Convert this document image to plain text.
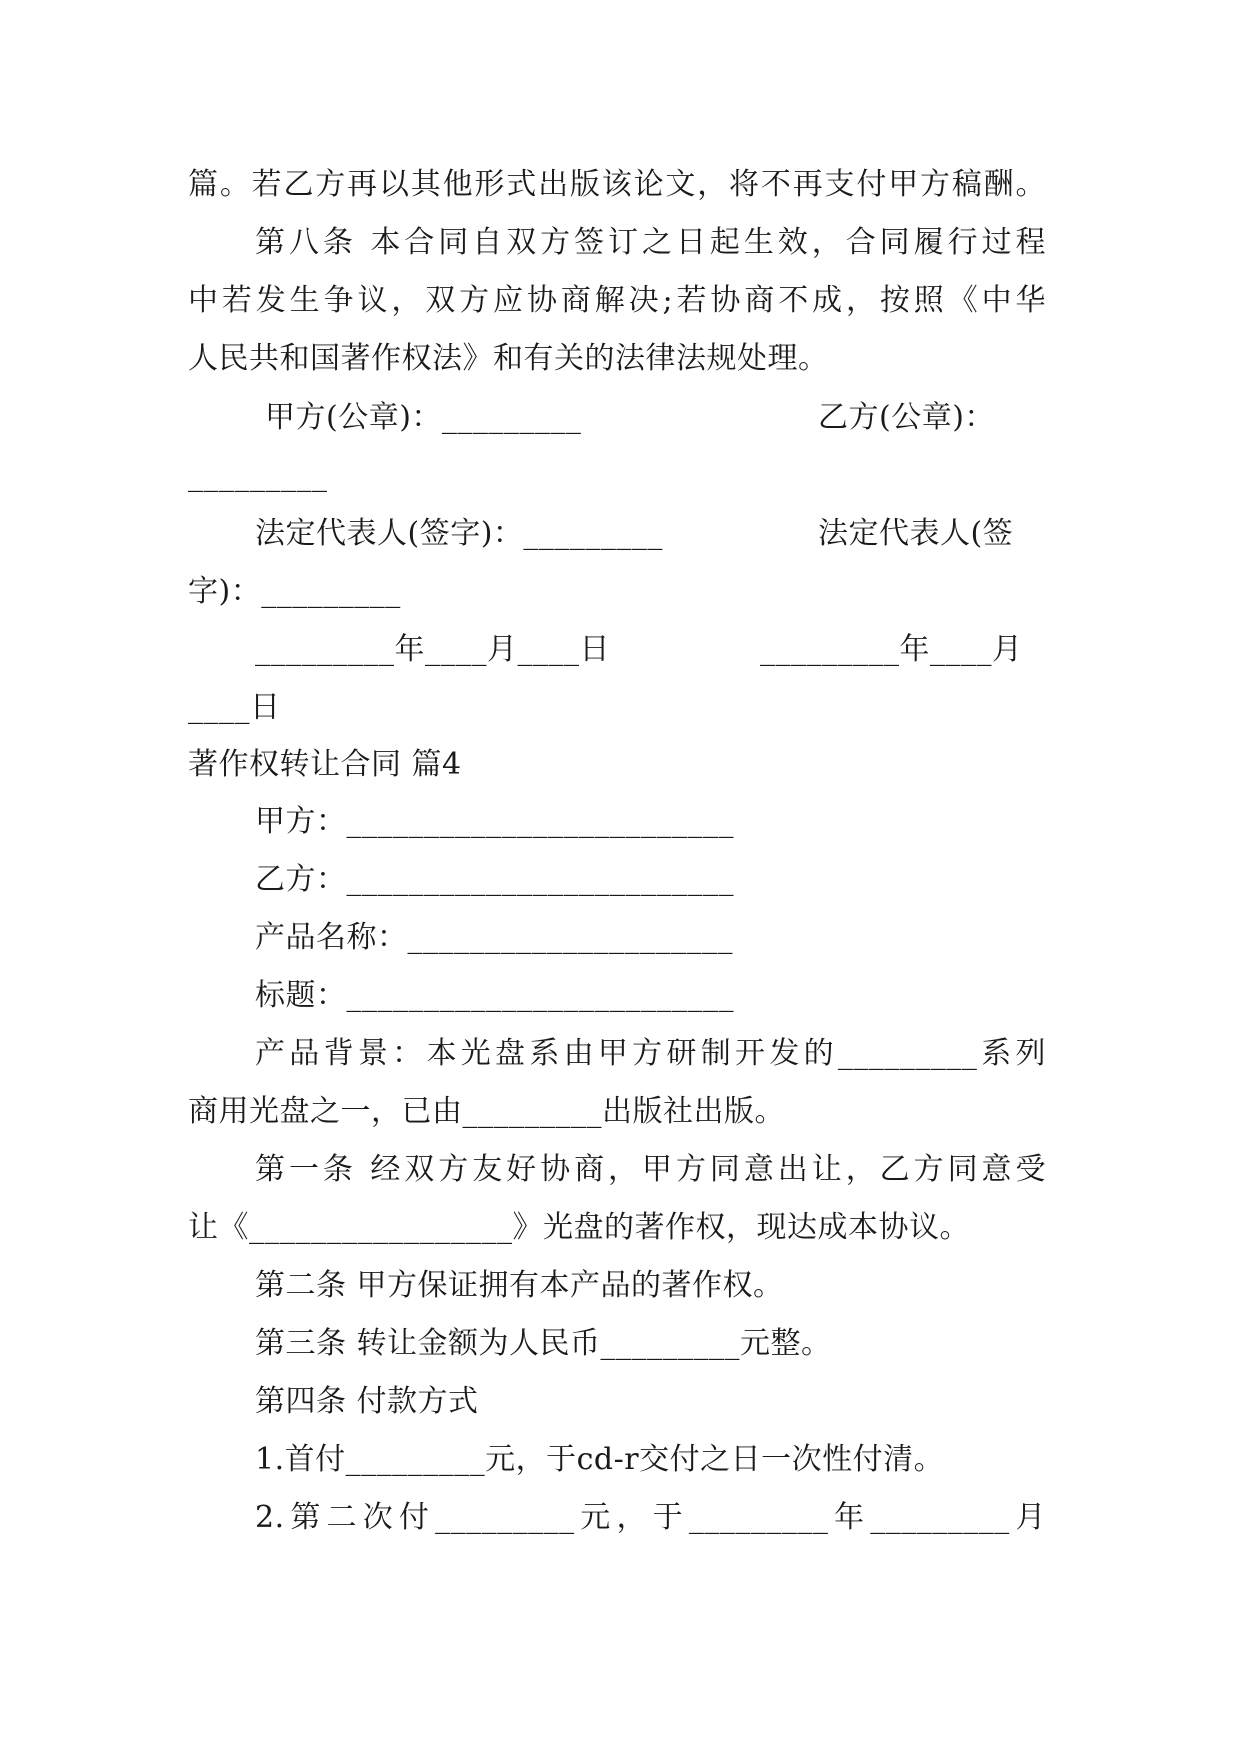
篇。若乙方再以其他形式出版该论文，将不再支付甲方稿酬。
第八条 本合同自双方签订之日起生效，合同履行过程
中若发生争议，双方应协商解决;若协商不成，按照《中华
人民共和国著作权法》和有关的法律法规处理。
甲方(公章)：_________	乙方(公章)：
_________
法定代表人(签字)：_________	法定代表人(签
字)：_________
_________年____月____日	_________年____月
____日
著作权转让合同 篇4
甲方：_________________________
乙方：_________________________
产品名称：_____________________
标题：_________________________
产品背景：本光盘系由甲方研制开发的_________系列
商用光盘之一，已由_________出版社出版。
第一条 经双方友好协商，甲方同意出让，乙方同意受
让《_________________》光盘的著作权，现达成本协议。
第二条 甲方保证拥有本产品的著作权。
第三条 转让金额为人民币_________元整。
第四条 付款方式
1.首付_________元，于cd-r交付之日一次性付清。
2.第二次付_________元，于_________年_________月
